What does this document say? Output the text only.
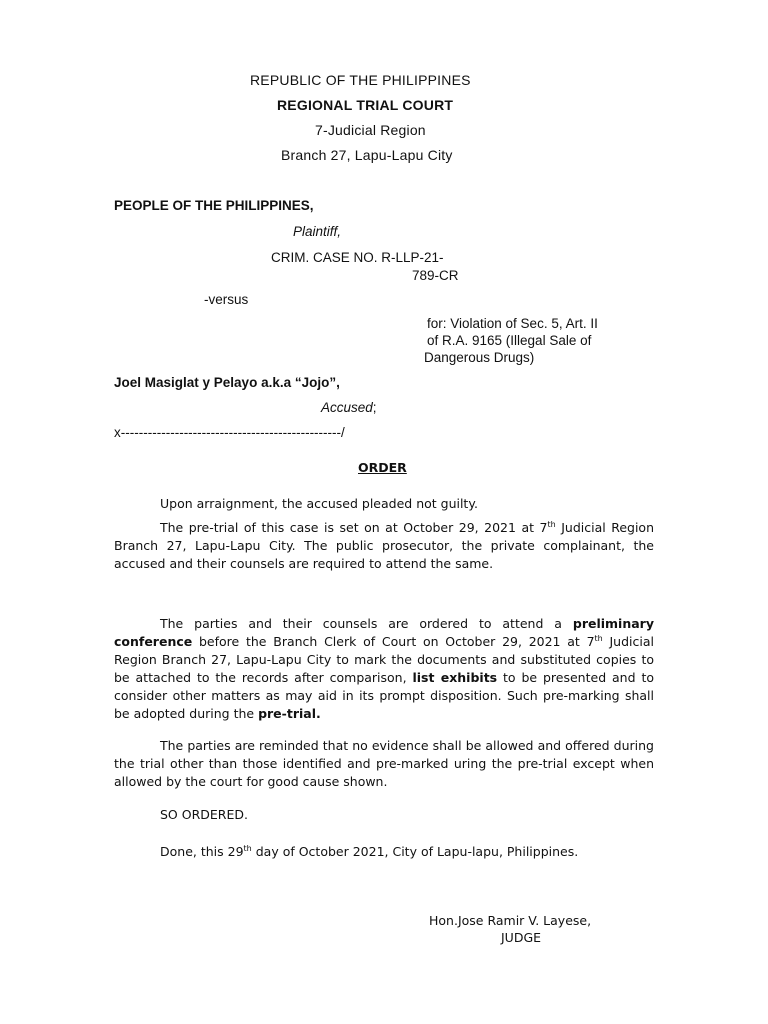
REPUBLIC OF THE PHILIPPINES
REGIONAL TRIAL COURT
7-Judicial Region
Branch 27, Lapu-Lapu City
PEOPLE OF THE PHILIPPINES,
Plaintiff,
CRIM. CASE NO. R-LLP-21-
789-CR
-versus
for: Violation of Sec. 5, Art. II
of R.A. 9165 (Illegal Sale of
Dangerous Drugs)
Joel Masiglat y Pelayo a.k.a “Jojo”,
Accused;
x-------------------------------------------------/
ORDER
Upon arraignment, the accused pleaded not guilty.
The pre-trial of this case is set on at October 29, 2021 at 7th Judicial Region Branch 27, Lapu-Lapu City. The public prosecutor, the private complainant, the accused and their counsels are required to attend the same.
The parties and their counsels are ordered to attend a preliminary conference before the Branch Clerk of Court on October 29, 2021 at 7th Judicial Region Branch 27, Lapu-Lapu City to mark the documents and substituted copies to be attached to the records after comparison, list exhibits to be presented and to consider other matters as may aid in its prompt disposition. Such pre-marking shall be adopted during the pre-trial.
The parties are reminded that no evidence shall be allowed and offered during the trial other than those identified and pre-marked uring the pre-trial except when allowed by the court for good cause shown.
SO ORDERED.
Done, this 29th day of October 2021, City of Lapu-lapu, Philippines.
Hon.Jose Ramir V. Layese,
JUDGE
